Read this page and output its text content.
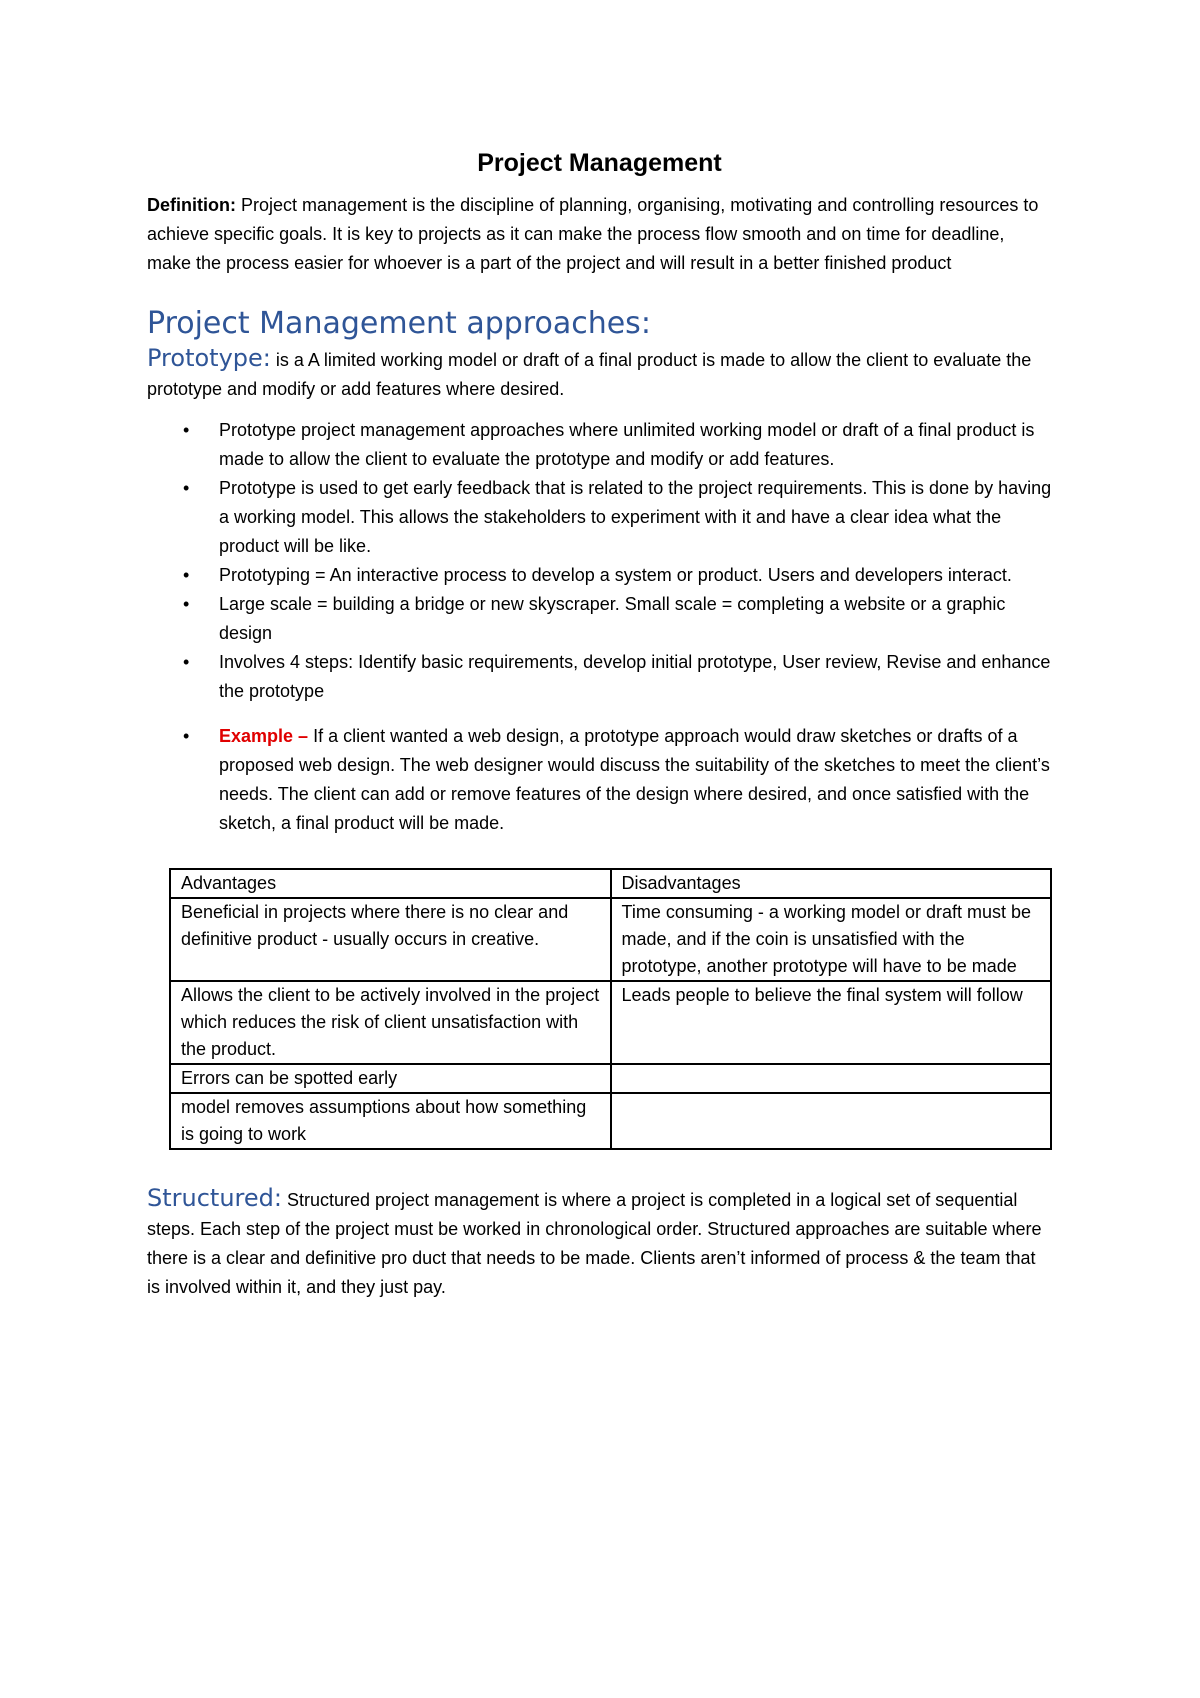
Project Management

Definition: Project management is the discipline of planning, organising, motivating and controlling resources to achieve specific goals. It is key to projects as it can make the process flow smooth and on time for deadline, make the process easier for whoever is a part of the project and will result in a better finished product

Project Management approaches:

Prototype: is a A limited working model or draft of a final product is made to allow the client to evaluate the prototype and modify or add features where desired.

• Prototype project management approaches where unlimited working model or draft of a final product is made to allow the client to evaluate the prototype and modify or add features.
• Prototype is used to get early feedback that is related to the project requirements. This is done by having a working model. This allows the stakeholders to experiment with it and have a clear idea what the product will be like.
• Prototyping = An interactive process to develop a system or product. Users and developers interact.
• Large scale = building a bridge or new skyscraper. Small scale = completing a website or a graphic design
• Involves 4 steps: Identify basic requirements, develop initial prototype, User review, Revise and enhance the prototype
• Example – If a client wanted a web design, a prototype approach would draw sketches or drafts of a proposed web design. The web designer would discuss the suitability of the sketches to meet the client’s needs. The client can add or remove features of the design where desired, and once satisfied with the sketch, a final product will be made.
Advantages	Disadvantages
Beneficial in projects where there is no clear and definitive product - usually occurs in creative.	Time consuming - a working model or draft must be made, and if the coin is unsatisfied with the prototype, another prototype will have to be made
Allows the client to be actively involved in the project which reduces the risk of client unsatisfaction with the product.	Leads people to believe the final system will follow
Errors can be spotted early	
model removes assumptions about how something is going to work	

Structured: Structured project management is where a project is completed in a logical set of sequential steps. Each step of the project must be worked in chronological order. Structured approaches are suitable where there is a clear and definitive pro duct that needs to be made. Clients aren’t informed of process & the team that is involved within it, and they just pay.
